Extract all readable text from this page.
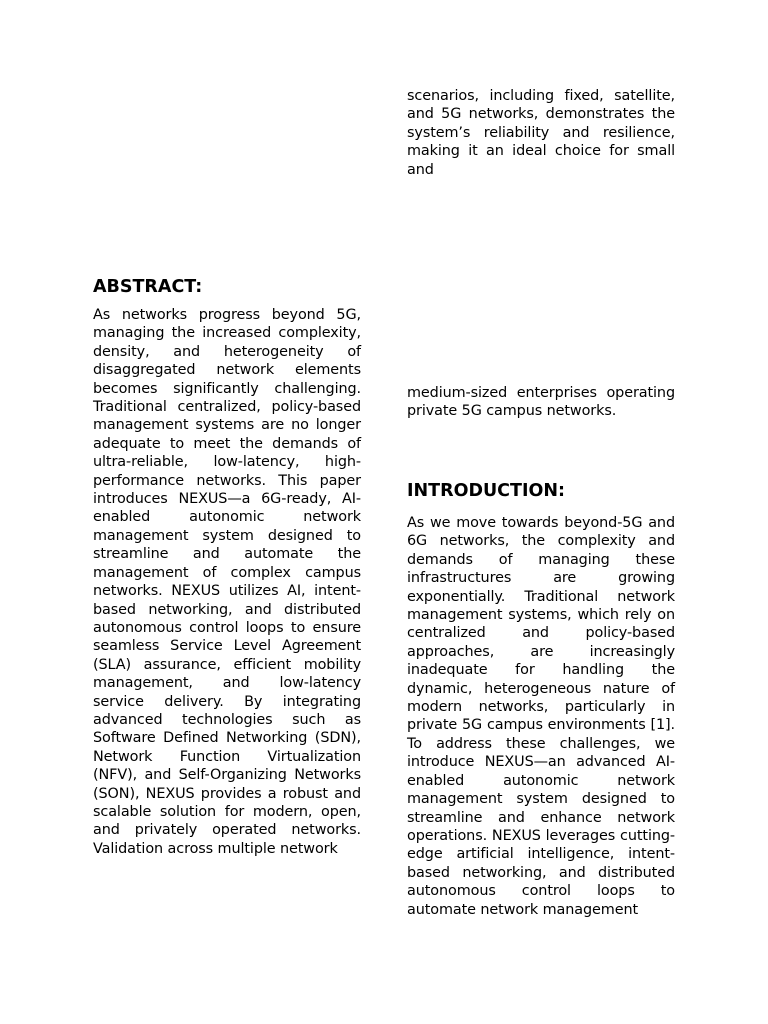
ABSTRACT:

As networks progress beyond 5G, managing the increased complexity, density, and heterogeneity of disaggregated network elements becomes significantly challenging. Traditional centralized, policy-based management systems are no longer adequate to meet the demands of ultra-reliable, low-latency, high-performance networks. This paper introduces NEXUS—a 6G-ready, AI-enabled autonomic network management system designed to streamline and automate the management of complex campus networks. NEXUS utilizes AI, intent-based networking, and distributed autonomous control loops to ensure seamless Service Level Agreement (SLA) assurance, efficient mobility management, and low-latency service delivery. By integrating advanced technologies such as Software Defined Networking (SDN), Network Function Virtualization (NFV), and Self-Organizing Networks (SON), NEXUS provides a robust and scalable solution for modern, open, and privately operated networks. Validation across multiple network

scenarios, including fixed, satellite, and 5G networks, demonstrates the system’s reliability and resilience, making it an ideal choice for small and

medium-sized enterprises operating private 5G campus networks.

INTRODUCTION:

As we move towards beyond-5G and 6G networks, the complexity and demands of managing these infrastructures are growing exponentially. Traditional network management systems, which rely on centralized and policy-based approaches, are increasingly inadequate for handling the dynamic, heterogeneous nature of modern networks, particularly in private 5G campus environments [1]. To address these challenges, we introduce NEXUS—an advanced AI-enabled autonomic network management system designed to streamline and enhance network operations. NEXUS leverages cutting-edge artificial intelligence, intent-based networking, and distributed autonomous control loops to automate network management
